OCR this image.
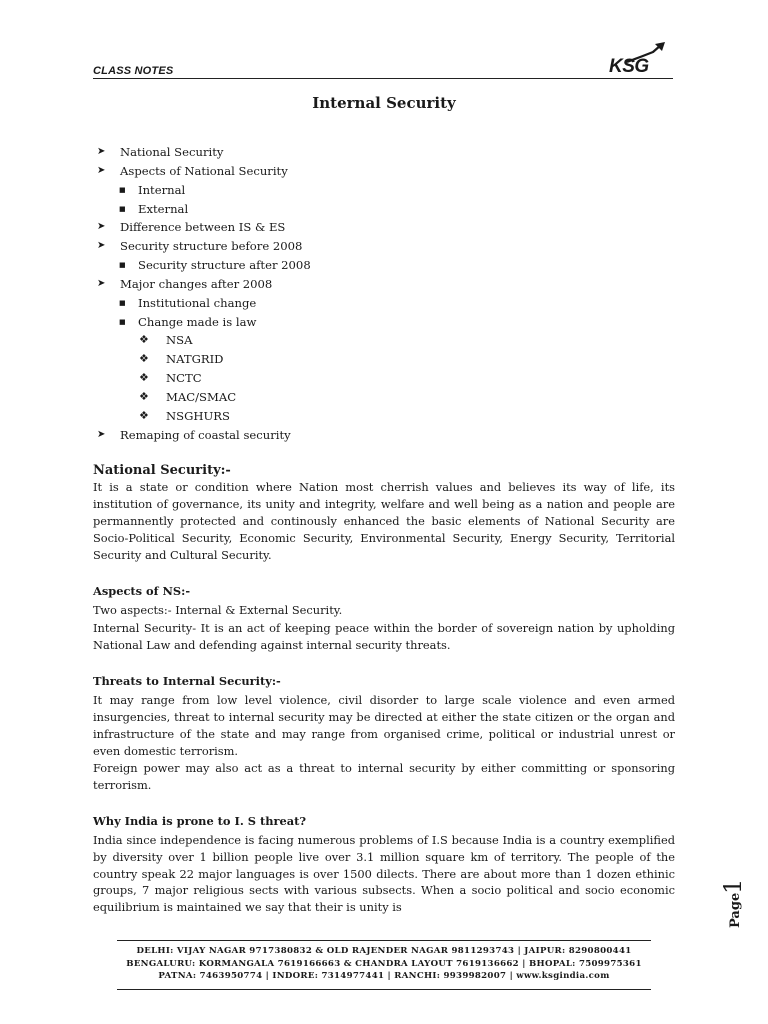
CLASS NOTES	KSG
Internal Security
➤ National Security
➤ Aspects of National Security
■ Internal
■ External
➤ Difference between IS & ES
➤ Security structure before 2008
■ Security structure after 2008
➤ Major changes after 2008
■ Institutional change
■ Change made is law
❖ NSA
❖ NATGRID
❖ NCTC
❖ MAC/SMAC
❖ NSGHURS
➤ Remaping of coastal security

National Security:-

It is a state or condition where Nation most cherrish values and believes its way of life, its institution of governance, its unity and integrity, welfare and well being as a nation and people are permannently protected and continously enhanced the basic elements of National Security are Socio-Political Security, Economic Security, Environmental Security, Energy Security, Territorial Security and Cultural Security.

Aspects of NS:-

Two aspects:- Internal & External Security.

Internal Security- It is an act of keeping peace within the border of sovereign nation by upholding National Law and defending against internal security threats.

Threats to Internal Security:-

It may range from low level violence, civil disorder to large scale violence and even armed insurgencies, threat to internal security may be directed at either the state citizen or the organ and infrastructure of the state and may range from organised crime, political or industrial unrest or even domestic terrorism.

Foreign power may also act as a threat to internal security by either committing or sponsoring terrorism.

Why India is prone to I. S threat?

India since independence is facing numerous problems of I.S because India is a country exemplified by diversity over 1 billion people live over 3.1 million square km of territory. The people of the country speak 22 major languages is over 1500 dilects. There are about more than 1 dozen ethinic groups, 7 major religious sects with various subsects. When a socio political and socio economic equilibrium is maintained we say that their is unity is	Page
1
DELHI: VIJAY NAGAR 9717380832 & OLD RAJENDER NAGAR 9811293743 | JAIPUR: 8290800441
BENGALURU: KORMANGALA 7619166663 & CHANDRA LAYOUT 7619136662 | BHOPAL: 7509975361
PATNA: 7463950774 | INDORE: 7314977441 | RANCHI: 9939982007 | www.ksgindia.com
